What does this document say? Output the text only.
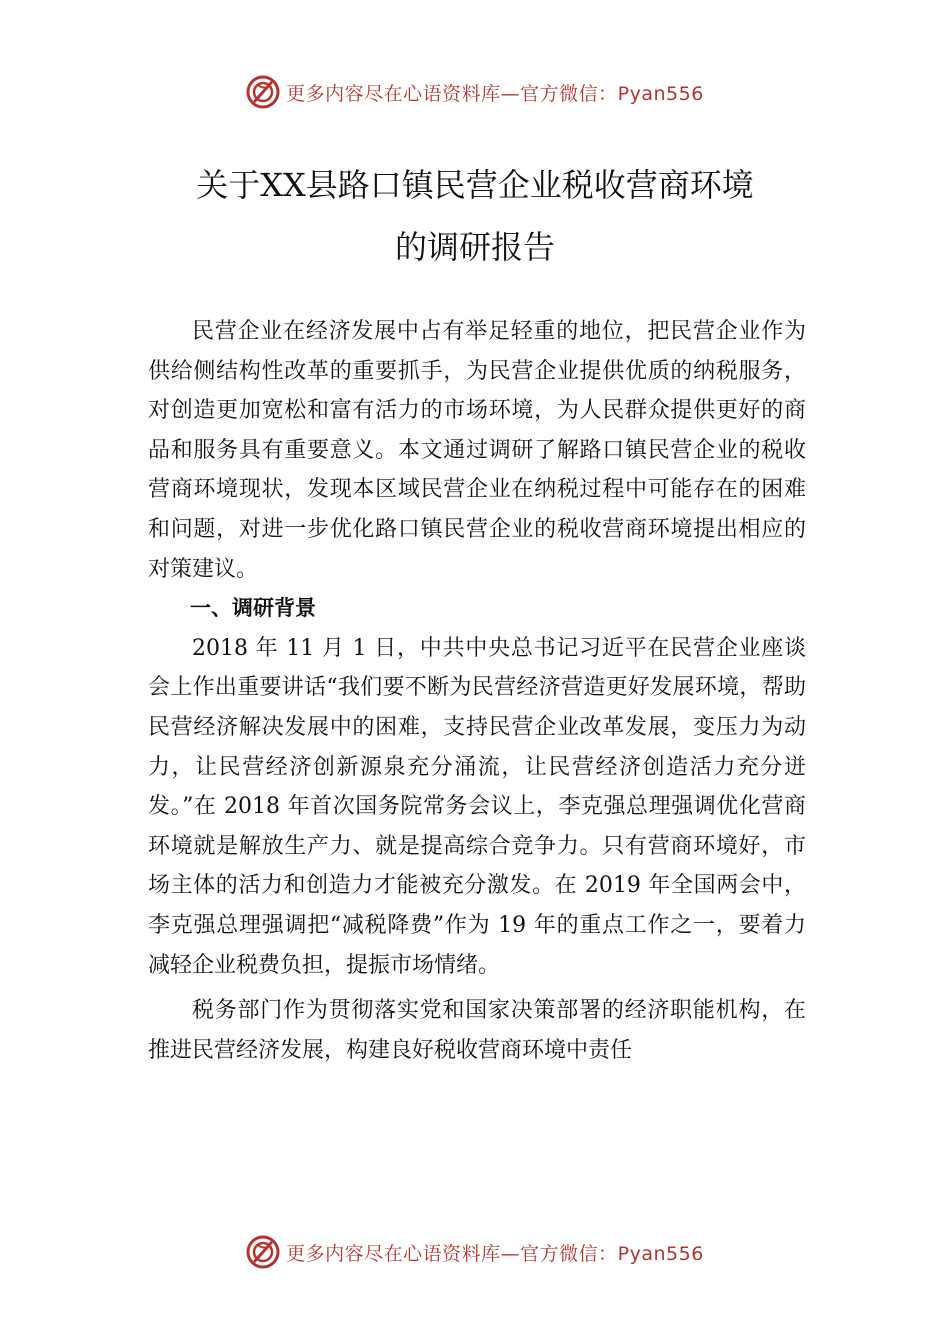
更多内容尽在心语资料库—官方微信：Pyan556
关于XX县路口镇民营企业税收营商环境
的调研报告

民营企业在经济发展中占有举足轻重的地位，把民营企业作为供给侧结构性改革的重要抓手，为民营企业提供优质的纳税服务，对创造更加宽松和富有活力的市场环境，为人民群众提供更好的商品和服务具有重要意义。本文通过调研了解路口镇民营企业的税收营商环境现状，发现本区域民营企业在纳税过程中可能存在的困难和问题，对进一步优化路口镇民营企业的税收营商环境提出相应的对策建议。

一、调研背景

2018 年 11 月 1 日，中共中央总书记习近平在民营企业座谈会上作出重要讲话“我们要不断为民营经济营造更好发展环境，帮助民营经济解决发展中的困难，支持民营企业改革发展，变压力为动力，让民营经济创新源泉充分涌流，让民营经济创造活力充分迸发。”在 2018 年首次国务院常务会议上，李克强总理强调优化营商环境就是解放生产力、就是提高综合竞争力。只有营商环境好，市场主体的活力和创造力才能被充分激发。在 2019 年全国两会中，李克强总理强调把“减税降费”作为 19 年的重点工作之一，要着力减轻企业税费负担，提振市场情绪。

税务部门作为贯彻落实党和国家决策部署的经济职能机构，在推进民营经济发展，构建良好税收营商环境中责任

更多内容尽在心语资料库—官方微信：Pyan556
